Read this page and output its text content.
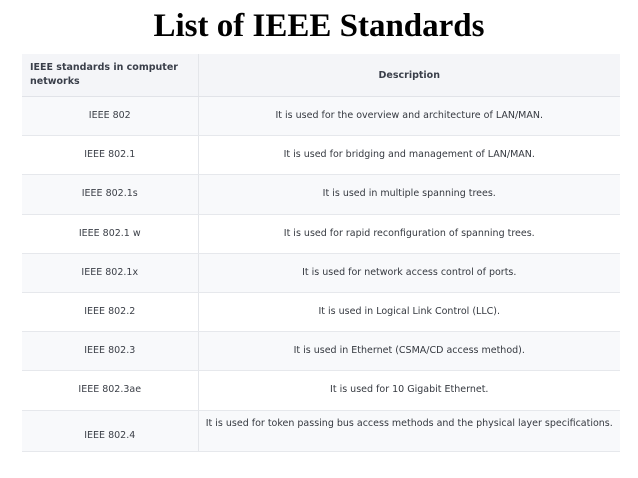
List of IEEE Standards
IEEE standards in computer networks	Description
IEEE 802	It is used for the overview and architecture of LAN/MAN.
IEEE 802.1	It is used for bridging and management of LAN/MAN.
IEEE 802.1s	It is used in multiple spanning trees.
IEEE 802.1 w	It is used for rapid reconfiguration of spanning trees.
IEEE 802.1x	It is used for network access control of ports.
IEEE 802.2	It is used in Logical Link Control (LLC).
IEEE 802.3	It is used in Ethernet (CSMA/CD access method).
IEEE 802.3ae	It is used for 10 Gigabit Ethernet.
IEEE 802.4	It is used for token passing bus access methods and the physical layer specifications.
